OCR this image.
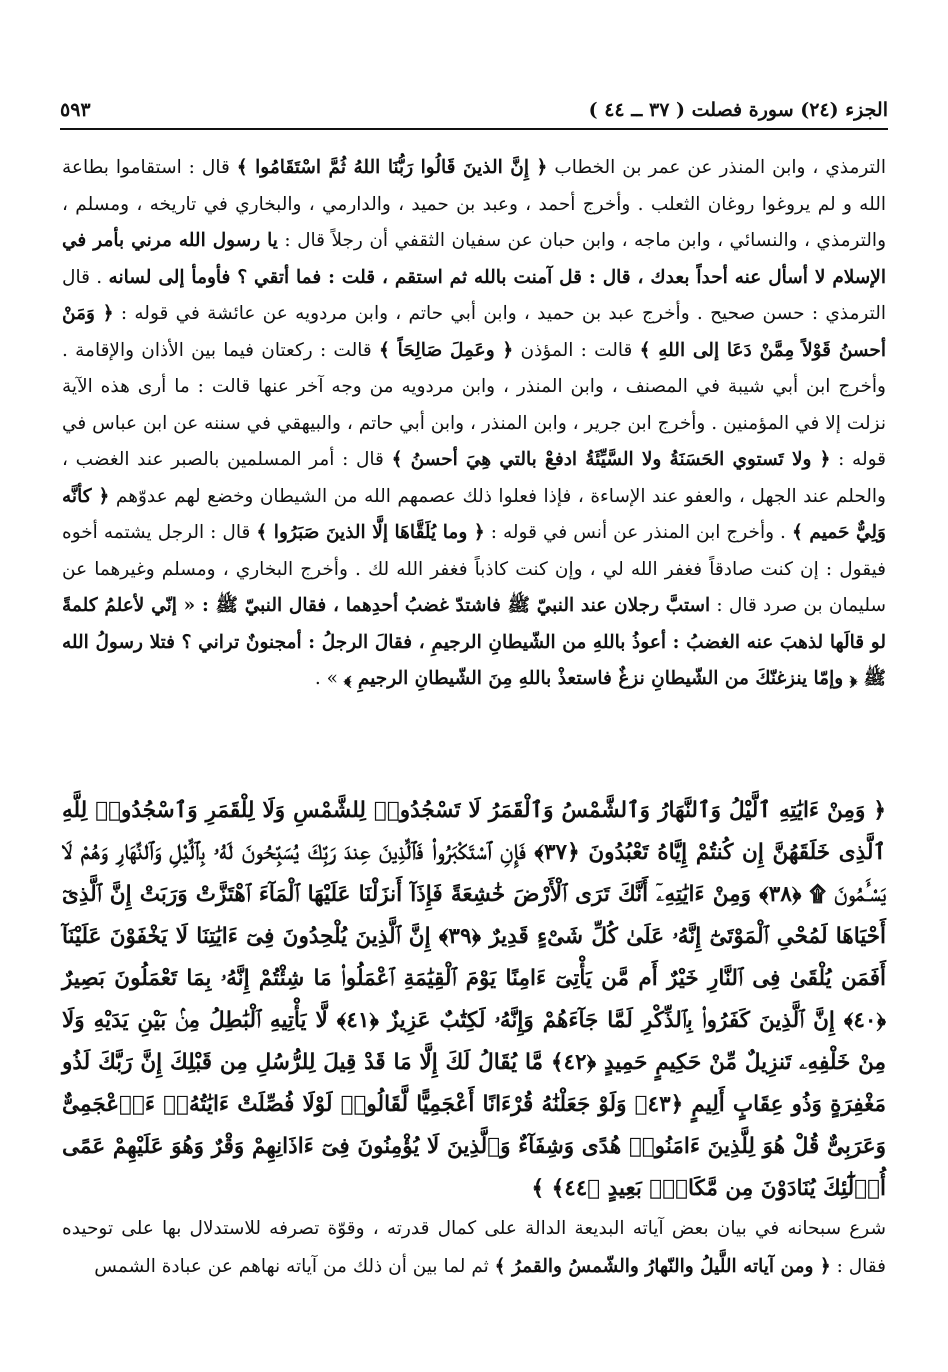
الجزء (٢٤) سورة فصلت ( ٣٧ ــ ٤٤ )
٥٩٣

الترمذي ، وابن المنذر عن عمر بن الخطاب ﴿ إِنَّ الذينَ قَالُوا رَبُّنَا اللهُ ثُمَّ اسْتَقَامُوا ﴾ قال : استقاموا بطاعة الله و لم يروغوا روغان الثعلب . وأخرج أحمد ، وعبد بن حميد ، والدارمي ، والبخاري في تاريخه ، ومسلم ، والترمذي ، والنسائي ، وابن ماجه ، وابن حبان عن سفيان الثقفي أن رجلاً قال : يا رسول الله مرني بأمر في الإسلام لا أسأل عنه أحداً بعدك ، قال : قل آمنت بالله ثم استقم ، قلت : فما أتقي ؟ فأومأ إلى لسانه . قال الترمذي : حسن صحيح . وأخرج عبد بن حميد ، وابن أبي حاتم ، وابن مردويه عن عائشة في قوله : ﴿ وَمَنْ أحسنُ قَوْلاً مِمَّنْ دَعَا إلى اللهِ ﴾ قالت : المؤذن ﴿ وعَمِلَ صَالِحَاً ﴾ قالت : ركعتان فيما بين الأذان والإقامة . وأخرج ابن أبي شيبة في المصنف ، وابن المنذر ، وابن مردويه من وجه آخر عنها قالت : ما أرى هذه الآية نزلت إلا في المؤمنين . وأخرج ابن جرير ، وابن المنذر ، وابن أبي حاتم ، والبيهقي في سننه عن ابن عباس في قوله : ﴿ ولا تَستوي الحَسَنَةُ ولا السَّيِّئَةُ ادفعْ بالتي هِيَ أحسنُ ﴾ قال : أمر المسلمين بالصبر عند الغضب ، والحلم عند الجهل ، والعفو عند الإساءة ، فإذا فعلوا ذلك عصمهم الله من الشيطان وخضع لهم عدوّهم ﴿ كأنَّه وَلِيٌّ حَميم ﴾ . وأخرج ابن المنذر عن أنس في قوله : ﴿ وما يُلَقَّاهَا إلَّا الذينَ صَبَرُوا ﴾ قال : الرجل يشتمه أخوه فيقول : إن كنت صادقاً فغفر الله لي ، وإن كنت كاذباً فغفر الله لك . وأخرج البخاري ، ومسلم وغيرهما عن سليمان بن صرد قال : استبَّ رجلان عند النبيّ ﷺ فاشتدّ غضبُ أحدِهما ، فقال النبيّ ﷺ : « إنّي لأعلمُ كلمةً لو قالَها لذهبَ عنه الغضبُ : أعوذُ باللهِ من الشّيطانِ الرجيمِ ، فقالَ الرجلُ : أمجنونٌ تراني ؟ فتلا رسولُ الله ﷺ ﴿ وإمّا ينزغنّكَ من الشّيطانِ نزغٌ فاستعذْ باللهِ مِنَ الشّيطانِ الرجيمِ ﴾ » .

﴿ وَمِنْ ءَايَٰتِهِ ٱلَّيْلُ وَٱلنَّهَارُ وَٱلشَّمْسُ وَٱلْقَمَرُ لَا تَسْجُدُوا۟ لِلشَّمْسِ وَلَا لِلْقَمَرِ وَٱسْجُدُوا۟ لِلَّهِ ٱلَّذِى خَلَقَهُنَّ إِن كُنتُمْ إِيَّاهُ تَعْبُدُونَ ﴿٣٧﴾ فَإِنِ ٱسْتَكْبَرُوا۟ فَٱلَّذِينَ عِندَ رَبِّكَ يُسَبِّحُونَ لَهُۥ بِٱلَّيْلِ وَٱلنَّهَارِ وَهُمْ لَا يَسْـَٔمُونَ ۩ ﴿٣٨﴾ وَمِنْ ءَايَٰتِهِۦٓ أَنَّكَ تَرَى ٱلْأَرْضَ خَٰشِعَةً فَإِذَآ أَنزَلْنَا عَلَيْهَا ٱلْمَآءَ ٱهْتَزَّتْ وَرَبَتْ إِنَّ ٱلَّذِىٓ أَحْيَاهَا لَمُحْىِ ٱلْمَوْتَىٰٓ إِنَّهُۥ عَلَىٰ كُلِّ شَىْءٍ قَدِيرٌ ﴿٣٩﴾ إِنَّ ٱلَّذِينَ يُلْحِدُونَ فِىٓ ءَايَٰتِنَا لَا يَخْفَوْنَ عَلَيْنَآ أَفَمَن يُلْقَىٰ فِى ٱلنَّارِ خَيْرٌ أَم مَّن يَأْتِىٓ ءَامِنًا يَوْمَ ٱلْقِيَٰمَةِ ٱعْمَلُوا۟ مَا شِئْتُمْ إِنَّهُۥ بِمَا تَعْمَلُونَ بَصِيرٌ ﴿٤٠﴾ إِنَّ ٱلَّذِينَ كَفَرُوا۟ بِٱلذِّكْرِ لَمَّا جَآءَهُمْ وَإِنَّهُۥ لَكِتَٰبٌ عَزِيزٌ ﴿٤١﴾ لَّا يَأْتِيهِ ٱلْبَٰطِلُ مِنۢ بَيْنِ يَدَيْهِ وَلَا مِنْ خَلْفِهِۦ تَنزِيلٌ مِّنْ حَكِيمٍ حَمِيدٍ ﴿٤٢﴾ مَّا يُقَالُ لَكَ إِلَّا مَا قَدْ قِيلَ لِلرُّسُلِ مِن قَبْلِكَ إِنَّ رَبَّكَ لَذُو مَغْفِرَةٍ وَذُو عِقَابٍ أَلِيمٍ ﴿٤٣﴾ وَلَوْ جَعَلْنَٰهُ قُرْءَانًا أَعْجَمِيًّا لَّقَالُوا۟ لَوْلَا فُصِّلَتْ ءَايَٰتُهُۥٓ ءَا۬عْجَمِىٌّ وَعَرَبِىٌّ قُلْ هُوَ لِلَّذِينَ ءَامَنُوا۟ هُدًى وَشِفَآءٌ وَٱلَّذِينَ لَا يُؤْمِنُونَ فِىٓ ءَاذَانِهِمْ وَقْرٌ وَهُوَ عَلَيْهِمْ عَمًى أُو۟لَٰٓئِكَ يُنَادَوْنَ مِن مَّكَانٍۭ بَعِيدٍ ﴿٤٤﴾ ﴾

شرع سبحانه في بيان بعض آياته البديعة الدالة على كمال قدرته ، وقوّة تصرفه للاستدلال بها على توحيده فقال : ﴿ ومن آياته اللَّيلُ والنّهارُ والشّمسُ والقمرُ ﴾ ثم لما بين أن ذلك من آياته نهاهم عن عبادة الشمس
